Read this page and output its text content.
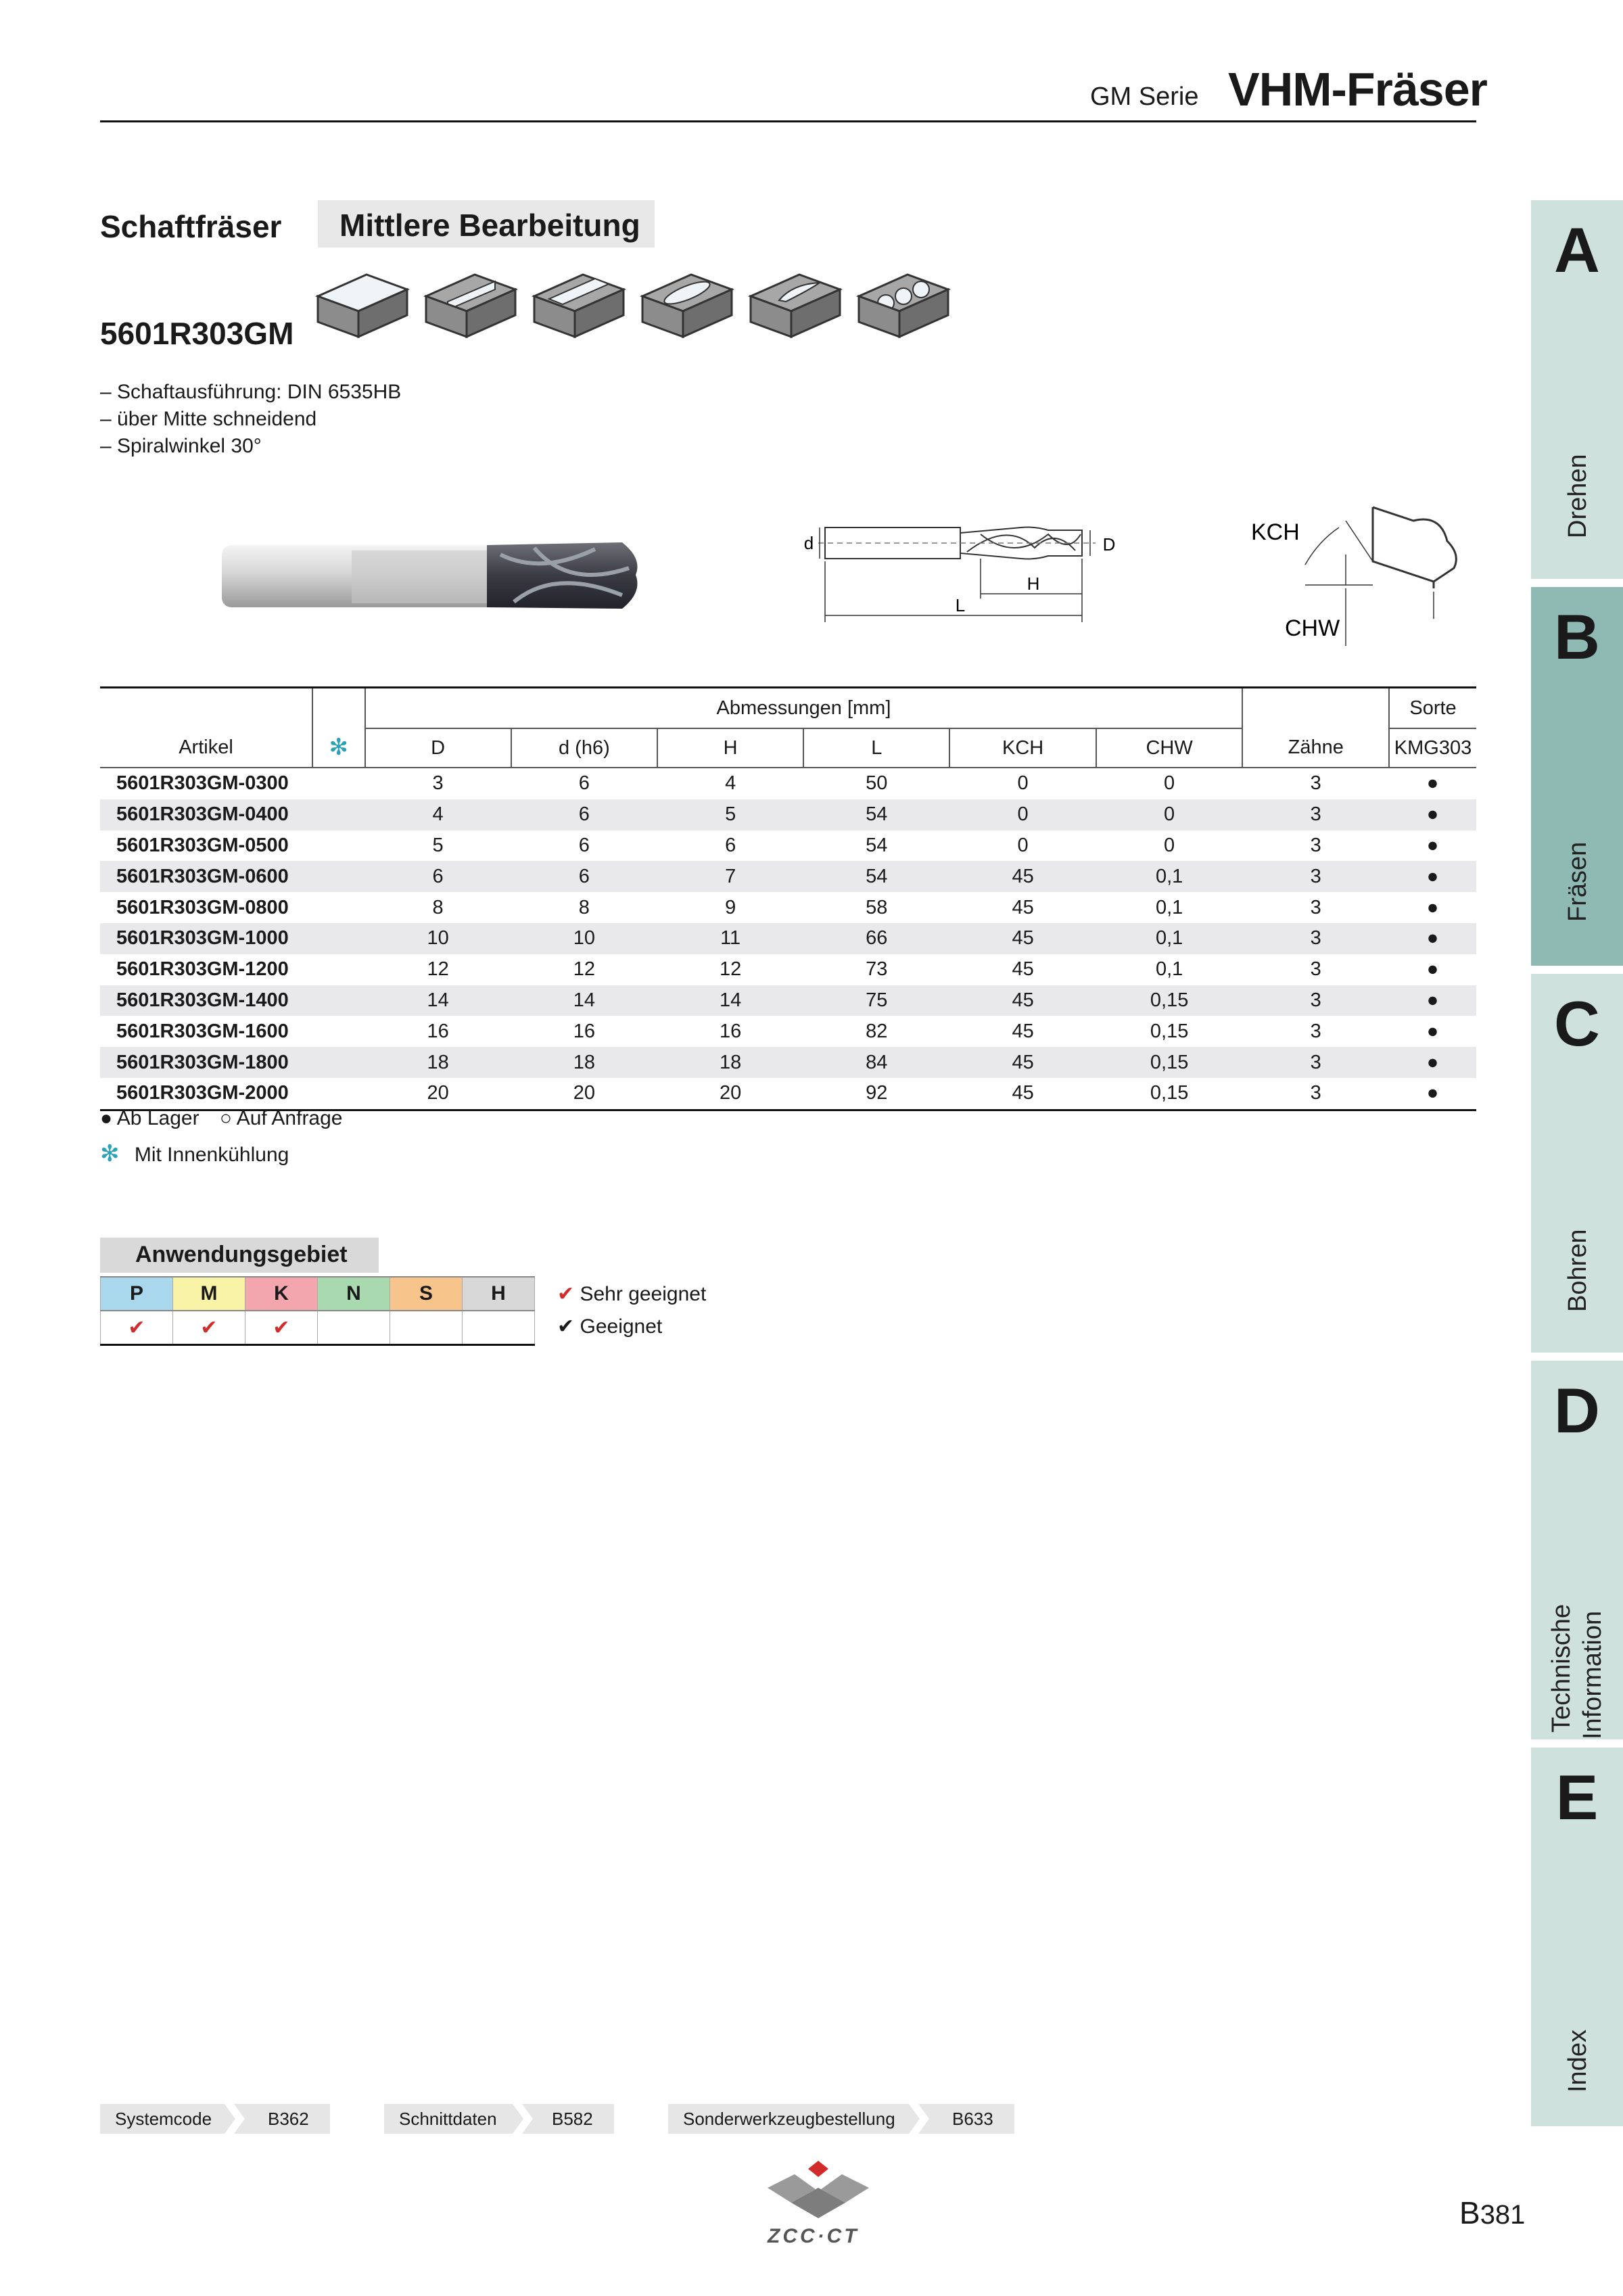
GM Serie VHM-Fräser
Schaftfräser Mittlere Bearbeitung
5601R303GM
– Schaftausführung: DIN 6535HB
– über Mitte schneidend
– Spiralwinkel 30°
d	D
H
L
KCH
CHW
Artikel	✻	Abmessungen [mm]						Zähne	Sorte
		D	d (h6)	H	L	KCH	CHW		KMG303

5601R303GM-0300		3	6	4	50	0	0	3	●
5601R303GM-0400		4	6	5	54	0	0	3	●
5601R303GM-0500		5	6	6	54	0	0	3	●
5601R303GM-0600		6	6	7	54	45	0,1	3	●
5601R303GM-0800		8	8	9	58	45	0,1	3	●
5601R303GM-1000		10	10	11	66	45	0,1	3	●
5601R303GM-1200		12	12	12	73	45	0,1	3	●
5601R303GM-1400		14	14	14	75	45	0,15	3	●
5601R303GM-1600		16	16	16	82	45	0,15	3	●
5601R303GM-1800		18	18	18	84	45	0,15	3	●
5601R303GM-2000		20	20	20	92	45	0,15	3	●
● Ab Lager ○ Auf Anfrage
✻ Mit Innenkühlung
Anwendungsgebiet
P	M	K	N	S	H
✔	✔	✔			
✔ Sehr geeignet
✔ Geeignet
Systemcode	B362	Schnittdaten	B582	Sonderwerkzeugbestellung	B633
ZCC·CT
B381
A
Drehen
B
Fräsen
C
Bohren
D
Technische Information
E
Index
